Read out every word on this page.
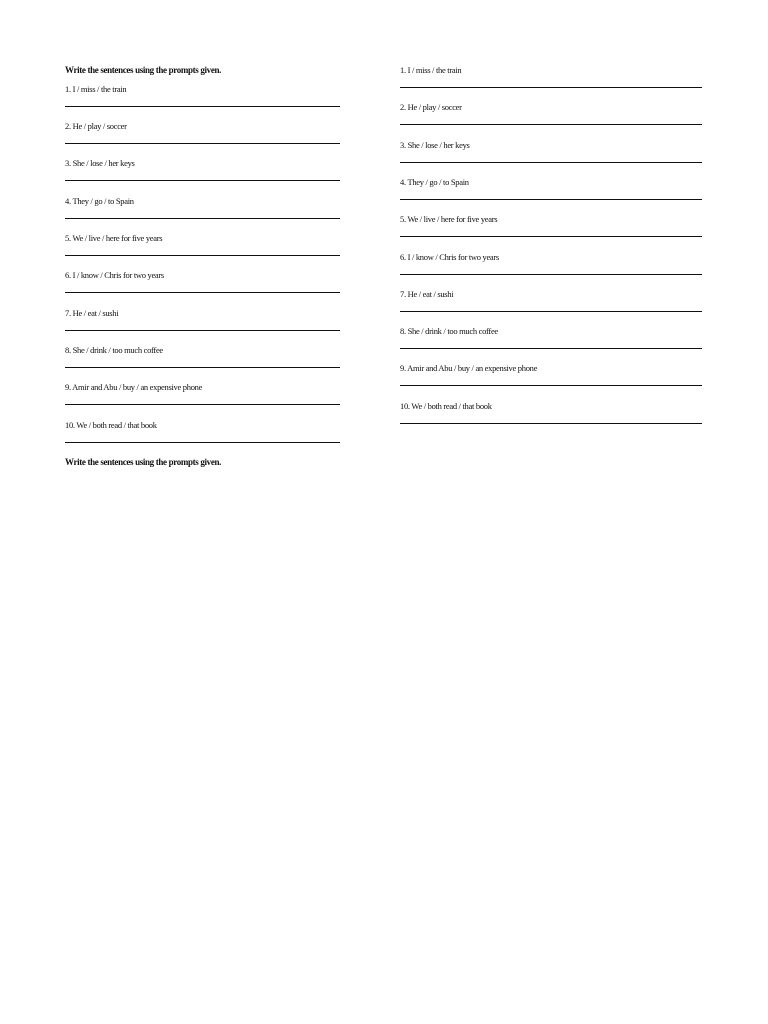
Write the sentences using the prompts given.
1. I / miss / the train
2. He / play / soccer
3. She / lose / her keys
4. They / go / to Spain
5. We / live / here for five years
6. I / know / Chris for two years
7. He / eat / sushi
8. She / drink / too much coffee
9. Amir and Abu / buy / an expensive phone
10. We / both read / that book
Write the sentences using the prompts given.
1. I / miss / the train
2. He / play / soccer
3. She / lose / her keys
4. They / go / to Spain
5. We / live / here for five years
6. I / know / Chris for two years
7. He / eat / sushi
8. She / drink / too much coffee
9. Amir and Abu / buy / an expensive phone
10. We / both read / that book
